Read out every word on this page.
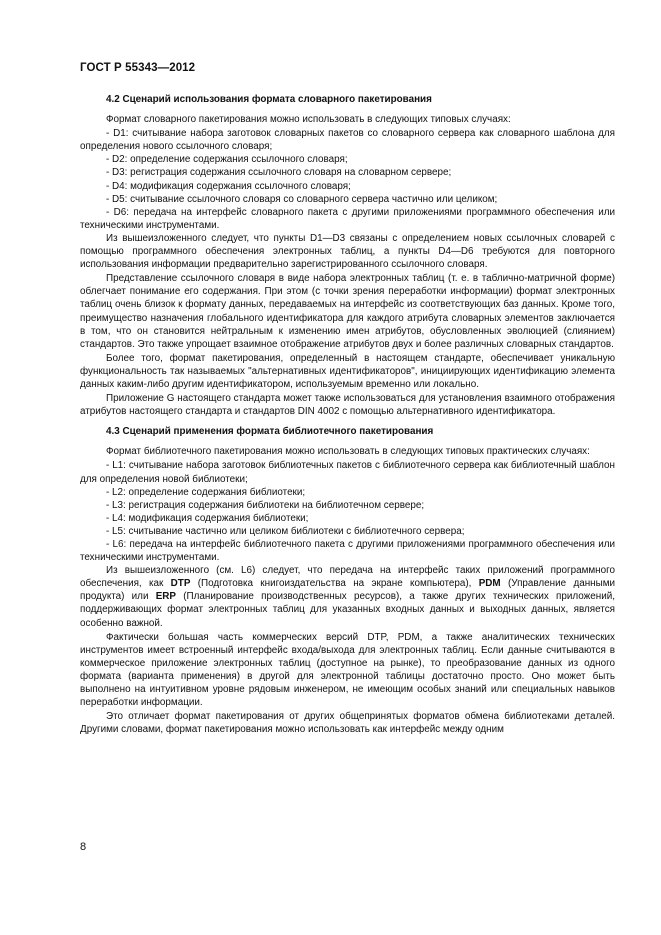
ГОСТ Р 55343—2012
4.2 Сценарий использования формата словарного пакетирования
Формат словарного пакетирования можно использовать в следующих типовых случаях:
- D1: считывание набора заготовок словарных пакетов со словарного сервера как словарного шаблона для определения нового ссылочного словаря;
- D2: определение содержания ссылочного словаря;
- D3: регистрация содержания ссылочного словаря на словарном сервере;
- D4: модификация содержания ссылочного словаря;
- D5: считывание ссылочного словаря со словарного сервера частично или целиком;
- D6: передача на интерфейс словарного пакета с другими приложениями программного обеспечения или техническими инструментами.
Из вышеизложенного следует, что пункты D1—D3 связаны с определением новых ссылочных словарей с помощью программного обеспечения электронных таблиц, а пункты D4—D6 требуются для повторного использования информации предварительно зарегистрированного ссылочного словаря.
Представление ссылочного словаря в виде набора электронных таблиц (т. е. в таблично-матричной форме) облегчает понимание его содержания. При этом (с точки зрения переработки информации) формат электронных таблиц очень близок к формату данных, передаваемых на интерфейс из соответствующих баз данных. Кроме того, преимущество назначения глобального идентификатора для каждого атрибута словарных элементов заключается в том, что он становится нейтральным к изменению имен атрибутов, обусловленных эволюцией (слиянием) стандартов. Это также упрощает взаимное отображение атрибутов двух и более различных словарных стандартов.
Более того, формат пакетирования, определенный в настоящем стандарте, обеспечивает уникальную функциональность так называемых "альтернативных идентификаторов", инициирующих идентификацию элемента данных каким-либо другим идентификатором, используемым временно или локально.
Приложение G настоящего стандарта может также использоваться для установления взаимного отображения атрибутов настоящего стандарта и стандартов DIN 4002 с помощью альтернативного идентификатора.
4.3 Сценарий применения формата библиотечного пакетирования
Формат библиотечного пакетирования можно использовать в следующих типовых практических случаях:
- L1: считывание набора заготовок библиотечных пакетов с библиотечного сервера как библиотечный шаблон для определения новой библиотеки;
- L2: определение содержания библиотеки;
- L3: регистрация содержания библиотеки на библиотечном сервере;
- L4: модификация содержания библиотеки;
- L5: считывание частично или целиком библиотеки с библиотечного сервера;
- L6: передача на интерфейс библиотечного пакета с другими приложениями программного обеспечения или техническими инструментами.
Из вышеизложенного (см. L6) следует, что передача на интерфейс таких приложений программного обеспечения, как DTP (Подготовка книгоиздательства на экране компьютера), PDM (Управление данными продукта) или ERP (Планирование производственных ресурсов), а также других технических приложений, поддерживающих формат электронных таблиц для указанных входных данных и выходных данных, является особенно важной.
Фактически большая часть коммерческих версий DTP, PDM, а также аналитических технических инструментов имеет встроенный интерфейс входа/выхода для электронных таблиц. Если данные считываются в коммерческое приложение электронных таблиц (доступное на рынке), то преобразование данных из одного формата (варианта применения) в другой для электронной таблицы достаточно просто. Оно может быть выполнено на интуитивном уровне рядовым инженером, не имеющим особых знаний или специальных навыков переработки информации.
Это отличает формат пакетирования от других общепринятых форматов обмена библиотеками деталей. Другими словами, формат пакетирования можно использовать как интерфейс между одним
8
